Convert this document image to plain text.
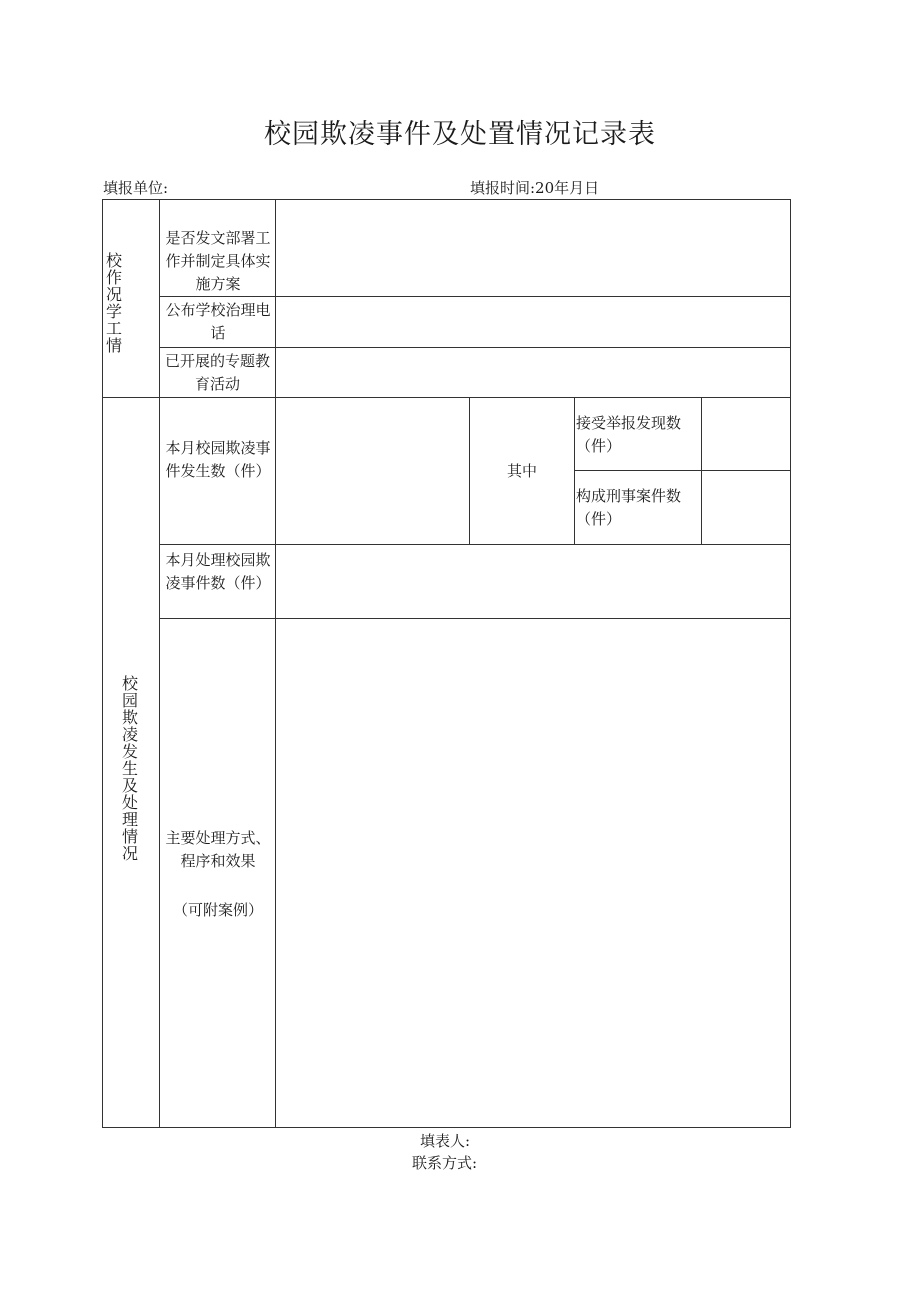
校园欺凌事件及处置情况记录表
填报单位:	填报时间:20年月日
校作况学工情
是否发文部署工作并制定具体实施方案
公布学校治理电话
已开展的专题教育活动
校园欺凌发生及处理情况
本月校园欺凌事件发生数（件）	其中
接受举报发现数（件）
构成刑事案件数（件）
本月处理校园欺凌事件数（件）
主要处理方式、程序和效果
（可附案例）
填表人:
联系方式:
